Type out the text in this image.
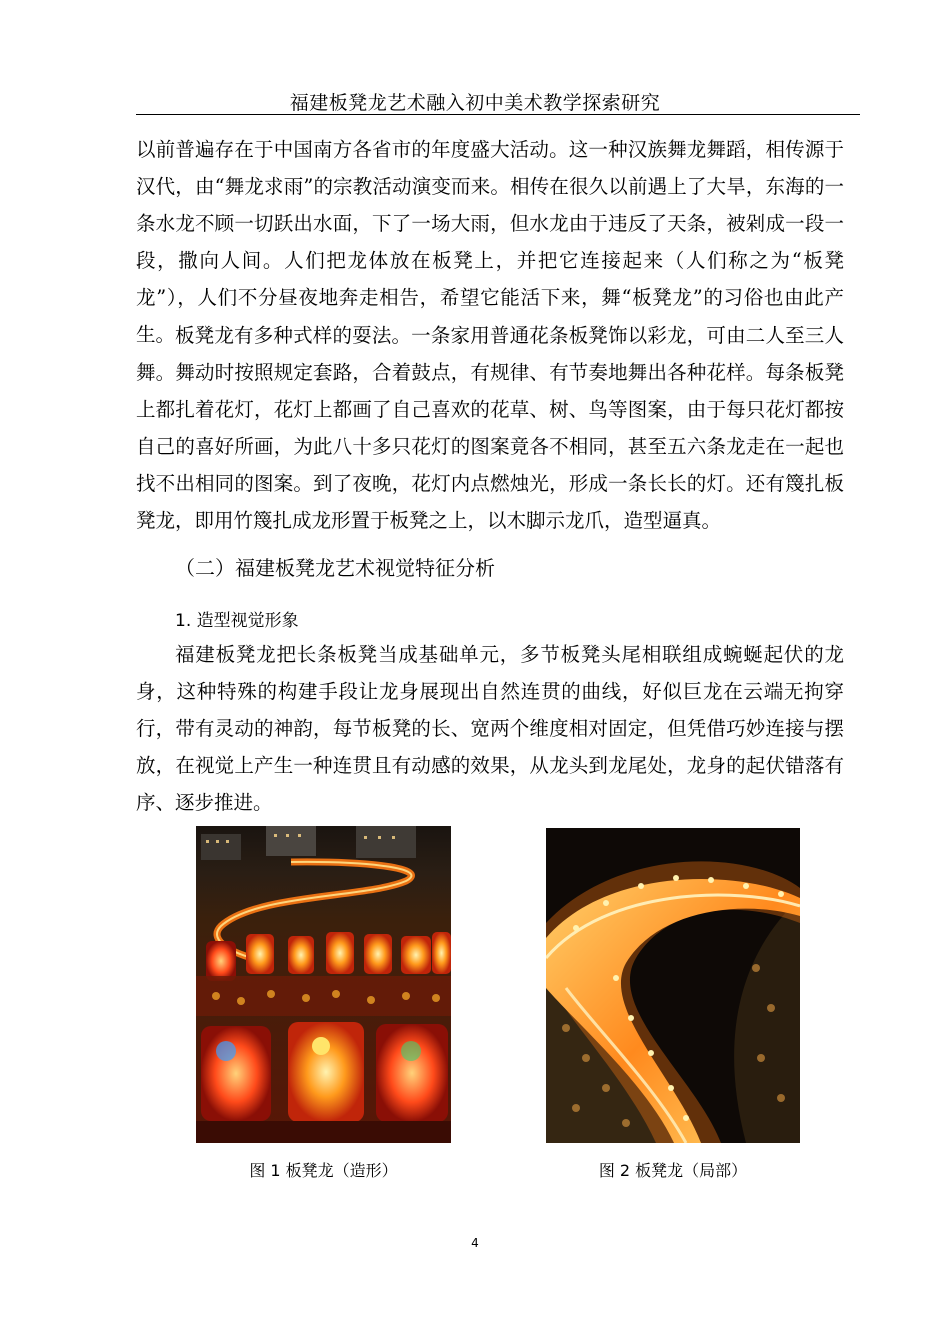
福建板凳龙艺术融入初中美术教学探索研究

以前普遍存在于中国南方各省市的年度盛大活动。这一种汉族舞龙舞蹈，相传源于汉代，由“舞龙求雨”的宗教活动演变而来。相传在很久以前遇上了大旱，东海的一条水龙不顾一切跃出水面，下了一场大雨，但水龙由于违反了天条，被剁成一段一段，撒向人间。人们把龙体放在板凳上，并把它连接起来（人们称之为“板凳龙”），人们不分昼夜地奔走相告，希望它能活下来，舞“板凳龙”的习俗也由此产生。 板凳龙有多种式样的耍法。一条家用普通花条板凳饰以彩龙，可由二人至三人舞。舞动时按照规定套路，合着鼓点，有规律、有节奏地舞出各种花样。每条板凳上都扎着花灯，花灯上都画了自己喜欢的花草、树、鸟等图案，由于每只花灯都按自己的喜好所画，为此八十多只花灯的图案竟各不相同，甚至五六条龙走在一起也找不出相同的图案。到了夜晚，花灯内点燃烛光，形成一条长长的灯。还有篾扎板凳龙，即用竹篾扎成龙形置于板凳之上，以木脚示龙爪，造型逼真。

（二）福建板凳龙艺术视觉特征分析
1. 造型视觉形象

福建板凳龙把长条板凳当成基础单元，多节板凳头尾相联组成蜿蜒起伏的龙身，这种特殊的构建手段让龙身展现出自然连贯的曲线，好似巨龙在云端无拘穿行，带有灵动的神韵，每节板凳的长、宽两个维度相对固定，但凭借巧妙连接与摆放，在视觉上产生一种连贯且有动感的效果，从龙头到龙尾处，龙身的起伏错落有序、逐步推进。

图 1 板凳龙（造形）	图 2 板凳龙（局部）
4
